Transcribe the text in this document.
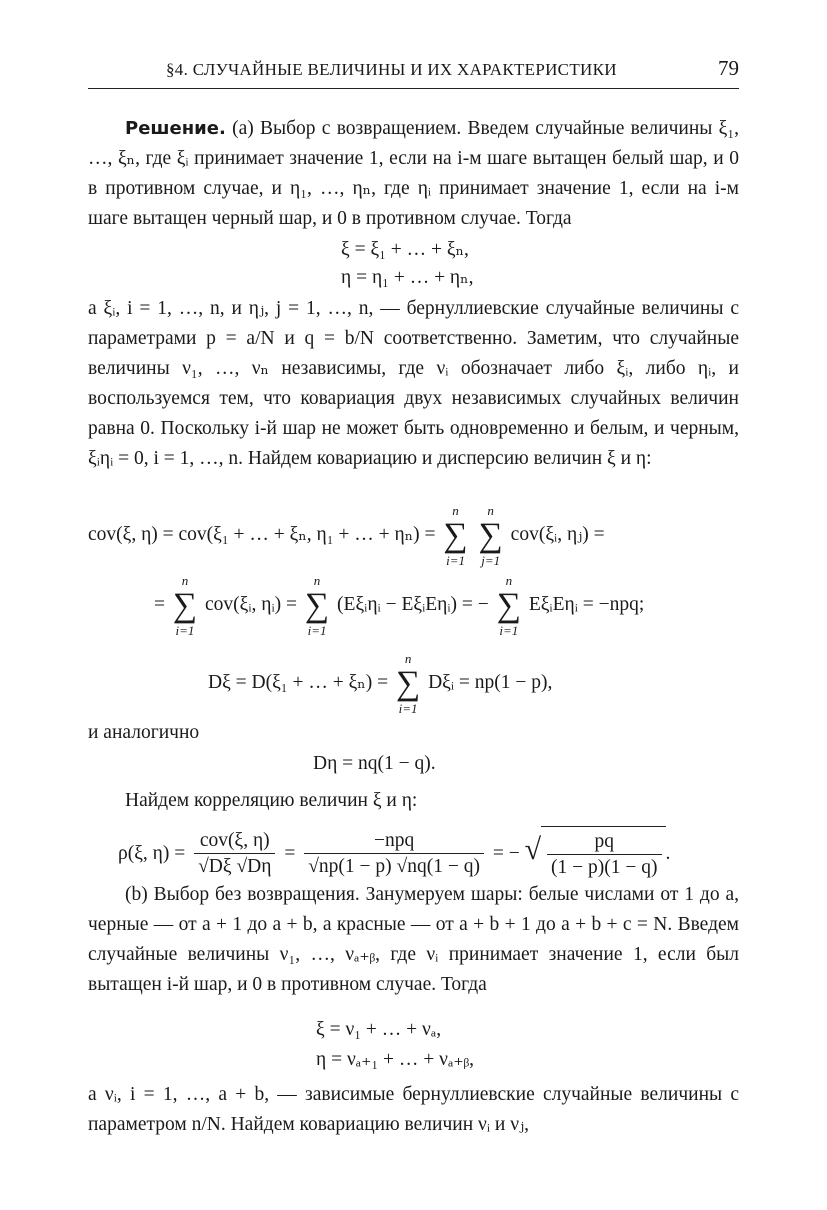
§4. СЛУЧАЙНЫЕ ВЕЛИЧИНЫ И ИХ ХАРАКТЕРИСТИКИ	79

Решение. (a) Выбор с возвращением. Введем случайные величины ξ₁, …, ξₙ, где ξᵢ принимает значение 1, если на i-м шаге вытащен белый шар, и 0 в противном случае, и η₁, …, ηₙ, где ηᵢ принимает значение 1, если на i-м шаге вытащен черный шар, и 0 в противном случае. Тогда

ξ = ξ₁ + … + ξₙ,
η = η₁ + … + ηₙ,

a ξᵢ, i = 1, …, n, и ηⱼ, j = 1, …, n, — бернуллиевские случайные величины с параметрами p = a/N и q = b/N соответственно. Заметим, что случайные величины ν₁, …, νₙ независимы, где νᵢ обозначает либо ξᵢ, либо ηᵢ, и воспользуемся тем, что ковариация двух независимых случайных величин равна 0. Поскольку i-й шар не может быть одновременно и белым, и черным, ξᵢηᵢ = 0, i = 1, …, n. Найдем ковариацию и дисперсию величин ξ и η:

cov(ξ, η) = cov(ξ₁ + … + ξₙ, η₁ + … + ηₙ) =
n
∑
i=1

n
∑
j=1
cov(ξᵢ, ηⱼ) =
=
n
∑
i=1
cov(ξᵢ, ηᵢ) =
n
∑
i=1
(Eξᵢηᵢ − EξᵢEηᵢ) = −
n
∑
i=1
EξᵢEηᵢ = −npq;
Dξ = D(ξ₁ + … + ξₙ) =
n
∑
i=1
Dξᵢ = np(1 − p),

и аналогично

Dη = nq(1 − q).

Найдем корреляцию величин ξ и η:

ρ(ξ, $\eta) = \frac{\text{cov(ξ, η)}}{√D\xi √D\eta} = \frac{\text{−npq}}{√np(1 - p) √nq(1 - q)}$ = − √ $\frac{pq}{(1 - p)(1 - q)}$ .

(b) Выбор без возвращения. Занумеруем шары: белые числами от 1 до a, черные — от a + 1 до a + b, а красные — от a + b + 1 до a + b + c = N. Введем случайные величины ν₁, …, νₐ₊ᵦ, где νᵢ принимает значение 1, если был вытащен i-й шар, и 0 в противном случае. Тогда

ξ = ν₁ + … + νₐ,
η = νₐ₊₁ + … + νₐ₊ᵦ,

а νᵢ, i = 1, …, a + b, — зависимые бернуллиевские случайные величины с параметром n/N. Найдем ковариацию величин νᵢ и νⱼ,
